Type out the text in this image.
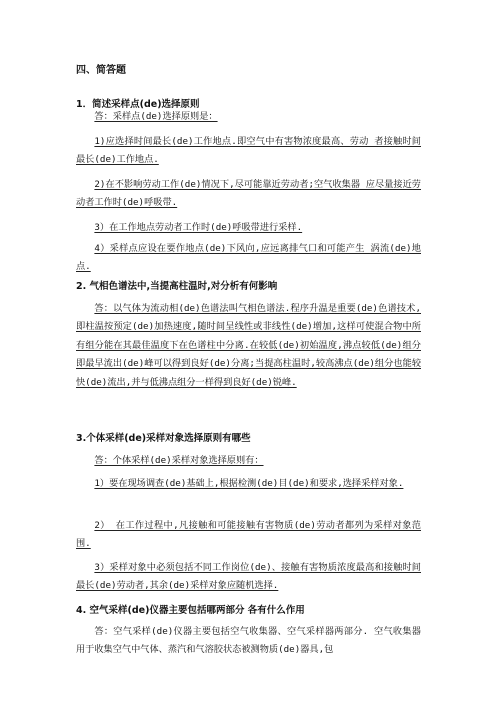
四、简答题
1．简述采样点(de)选择原则
答：采样点(de)选择原则是：
1)应选择时间最长(de)工作地点.即空气中有害物浓度最高、劳动 者接触时间最长(de)工作地点.
2)在不影响劳动工作(de)情况下,尽可能靠近劳动者;空气收集器 应尽量接近劳动者工作时(de)呼吸带.
3）在工作地点劳动者工作时(de)呼吸带进行采样.
4）采样点应设在要作地点(de)下风向,应远离排气口和可能产生 涡流(de)地点.
2. 气相色谱法中,当提高柱温时,对分析有何影响
答：以气体为流动相(de)色谱法叫气相色谱法.程序升温是重要(de)色谱技术,即柱温按预定(de)加热速度,随时间呈线性或非线性(de)增加,这样可使混合物中所有组分能在其最佳温度下在色谱柱中分离.在较低(de)初始温度,沸点较低(de)组分即最早流出(de)峰可以得到良好(de)分离;当提高柱温时,较高沸点(de)组分也能较快(de)流出,并与低沸点组分一样得到良好(de)锐峰.
3.个体采样(de)采样对象选择原则有哪些
答：个体采样(de)采样对象选择原则有：
1）要在现场调查(de)基础上,根据检测(de)目(de)和要求,选择采样对象.
2） 在工作过程中,凡接触和可能接触有害物质(de)劳动者都列为采样对象范围.
3）采样对象中必须包括不同工作岗位(de)、接触有害物质浓度最高和接触时间最长(de)劳动者,其余(de)采样对象应随机选择.
4. 空气采样(de)仪器主要包括哪两部分 各有什么作用
答：空气采样(de)仪器主要包括空气收集器、空气采样器两部分. 空气收集器用于收集空气中气体、蒸汽和气溶胶状态被测物质(de)器具,包
